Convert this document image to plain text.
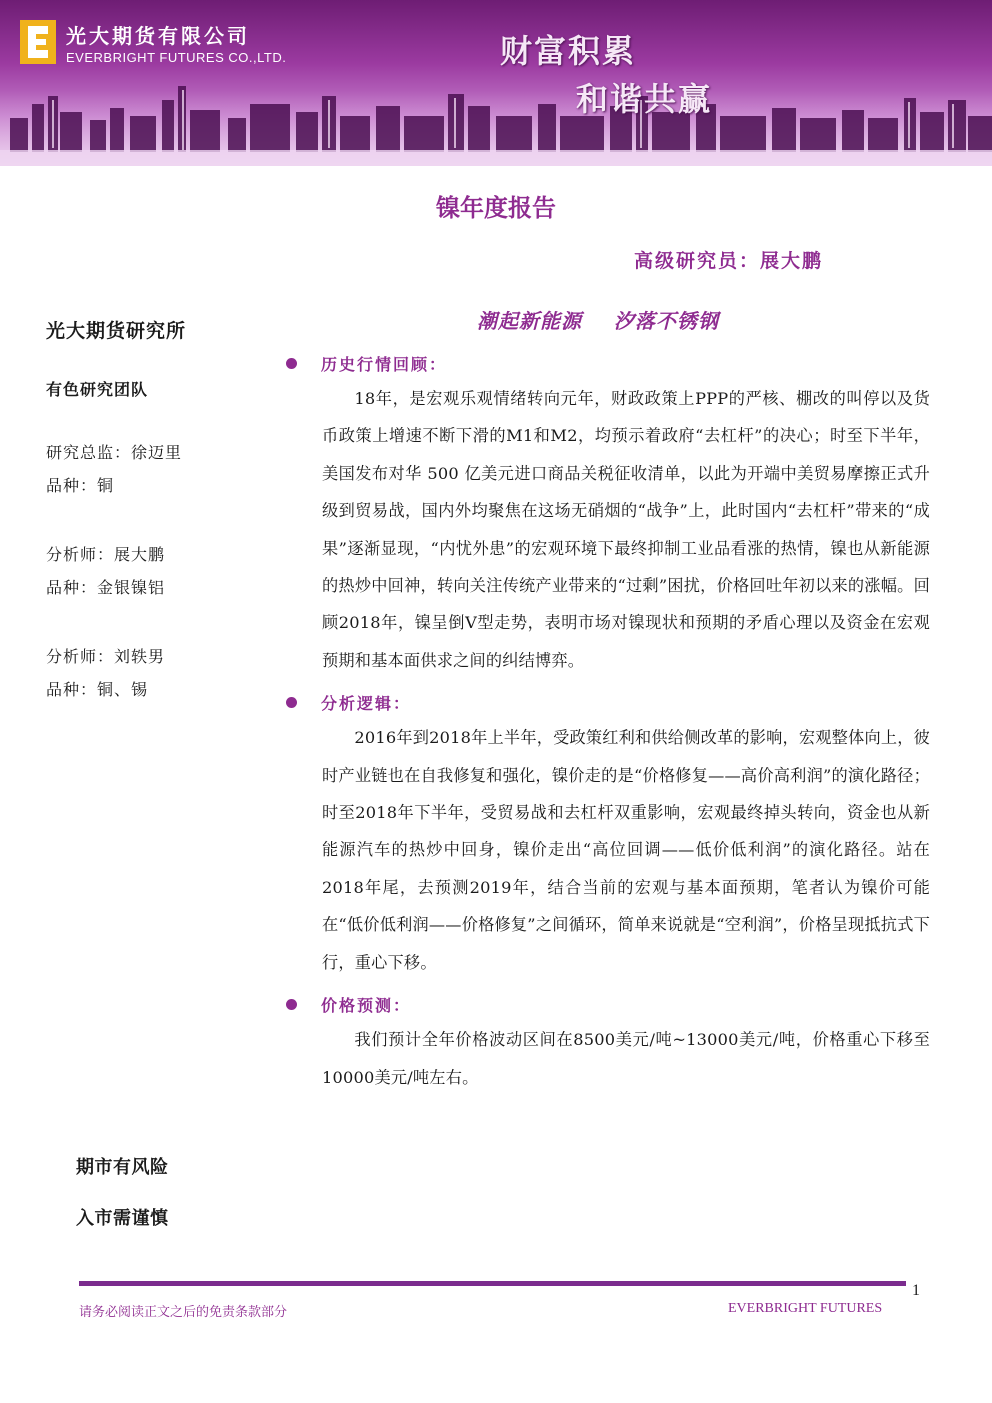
光大期货有限公司
EVERBRIGHT FUTURES CO.,LTD.	财富积累
和谐共赢
镍年度报告
高级研究员：展大鹏
潮起新能源    汐落不锈钢
光大期货研究所
有色研究团队
研究总监：徐迈里
品种：铜
分析师：展大鹏
品种：金银镍铝
分析师：刘轶男
品种：铜、锡
期市有风险
入市需谨慎
历史行情回顾：

18年，是宏观乐观情绪转向元年，财政政策上PPP的严核、棚改的叫停以及货币政策上增速不断下滑的M1和M2，均预示着政府“去杠杆”的决心；时至下半年，美国发布对华 500 亿美元进口商品关税征收清单，以此为开端中美贸易摩擦正式升级到贸易战，国内外均聚焦在这场无硝烟的“战争”上，此时国内“去杠杆”带来的“成果”逐渐显现，“内忧外患”的宏观环境下最终抑制工业品看涨的热情，镍也从新能源的热炒中回神，转向关注传统产业带来的“过剩”困扰，价格回吐年初以来的涨幅。回顾2018年，镍呈倒V型走势，表明市场对镍现状和预期的矛盾心理以及资金在宏观预期和基本面供求之间的纠结博弈。

分析逻辑：

2016年到2018年上半年，受政策红利和供给侧改革的影响，宏观整体向上，彼时产业链也在自我修复和强化，镍价走的是“价格修复——高价高利润”的演化路径；时至2018年下半年，受贸易战和去杠杆双重影响，宏观最终掉头转向，资金也从新能源汽车的热炒中回身，镍价走出“高位回调——低价低利润”的演化路径。站在2018年尾，去预测2019年，结合当前的宏观与基本面预期，笔者认为镍价可能在“低价低利润——价格修复”之间循环，简单来说就是“空利润”，价格呈现抵抗式下行，重心下移。

价格预测：

我们预计全年价格波动区间在8500美元/吨~13000美元/吨，价格重心下移至10000美元/吨左右。

1
请务必阅读正文之后的免责条款部分	EVERBRIGHT FUTURES
